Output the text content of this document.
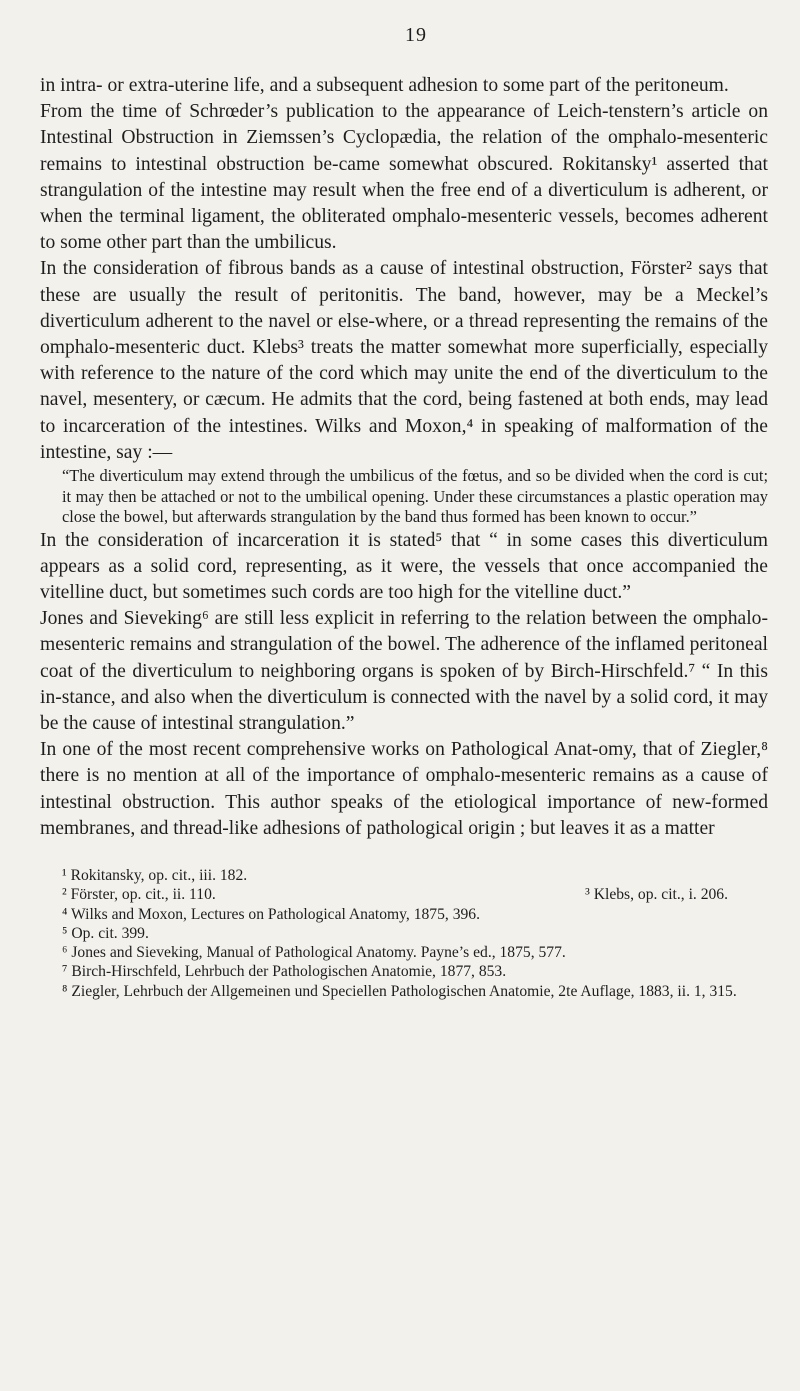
19

in intra- or extra-uterine life, and a subsequent adhesion to some part of the peritoneum.

From the time of Schrœder’s publication to the appearance of Leich-tenstern’s article on Intestinal Obstruction in Ziemssen’s Cyclopædia, the relation of the omphalo-mesenteric remains to intestinal obstruction be-came somewhat obscured. Rokitansky¹ asserted that strangulation of the intestine may result when the free end of a diverticulum is adherent, or when the terminal ligament, the obliterated omphalo-mesenteric vessels, becomes adherent to some other part than the umbilicus.

In the consideration of fibrous bands as a cause of intestinal obstruction, Förster² says that these are usually the result of peritonitis. The band, however, may be a Meckel’s diverticulum adherent to the navel or else-where, or a thread representing the remains of the omphalo-mesenteric duct. Klebs³ treats the matter somewhat more superficially, especially with reference to the nature of the cord which may unite the end of the diverticulum to the navel, mesentery, or cæcum. He admits that the cord, being fastened at both ends, may lead to incarceration of the intestines. Wilks and Moxon,⁴ in speaking of malformation of the intestine, say :—

“The diverticulum may extend through the umbilicus of the fœtus, and so be divided when the cord is cut; it may then be attached or not to the umbilical opening. Under these circumstances a plastic operation may close the bowel, but afterwards strangulation by the band thus formed has been known to occur.”

In the consideration of incarceration it is stated⁵ that “ in some cases this diverticulum appears as a solid cord, representing, as it were, the vessels that once accompanied the vitelline duct, but sometimes such cords are too high for the vitelline duct.”

Jones and Sieveking⁶ are still less explicit in referring to the relation between the omphalo-mesenteric remains and strangulation of the bowel. The adherence of the inflamed peritoneal coat of the diverticulum to neighboring organs is spoken of by Birch-Hirschfeld.⁷ “ In this in-stance, and also when the diverticulum is connected with the navel by a solid cord, it may be the cause of intestinal strangulation.”

In one of the most recent comprehensive works on Pathological Anat-omy, that of Ziegler,⁸ there is no mention at all of the importance of omphalo-mesenteric remains as a cause of intestinal obstruction. This author speaks of the etiological importance of new-formed membranes, and thread-like adhesions of pathological origin ; but leaves it as a matter

¹ Rokitansky, op. cit., iii. 182.

² Förster, op. cit., ii. 110.	³ Klebs, op. cit., i. 206.

⁴ Wilks and Moxon, Lectures on Pathological Anatomy, 1875, 396.

⁵ Op. cit. 399.

⁶ Jones and Sieveking, Manual of Pathological Anatomy. Payne’s ed., 1875, 577.

⁷ Birch-Hirschfeld, Lehrbuch der Pathologischen Anatomie, 1877, 853.

⁸ Ziegler, Lehrbuch der Allgemeinen und Speciellen Pathologischen Anatomie, 2te Auflage, 1883, ii. 1, 315.
